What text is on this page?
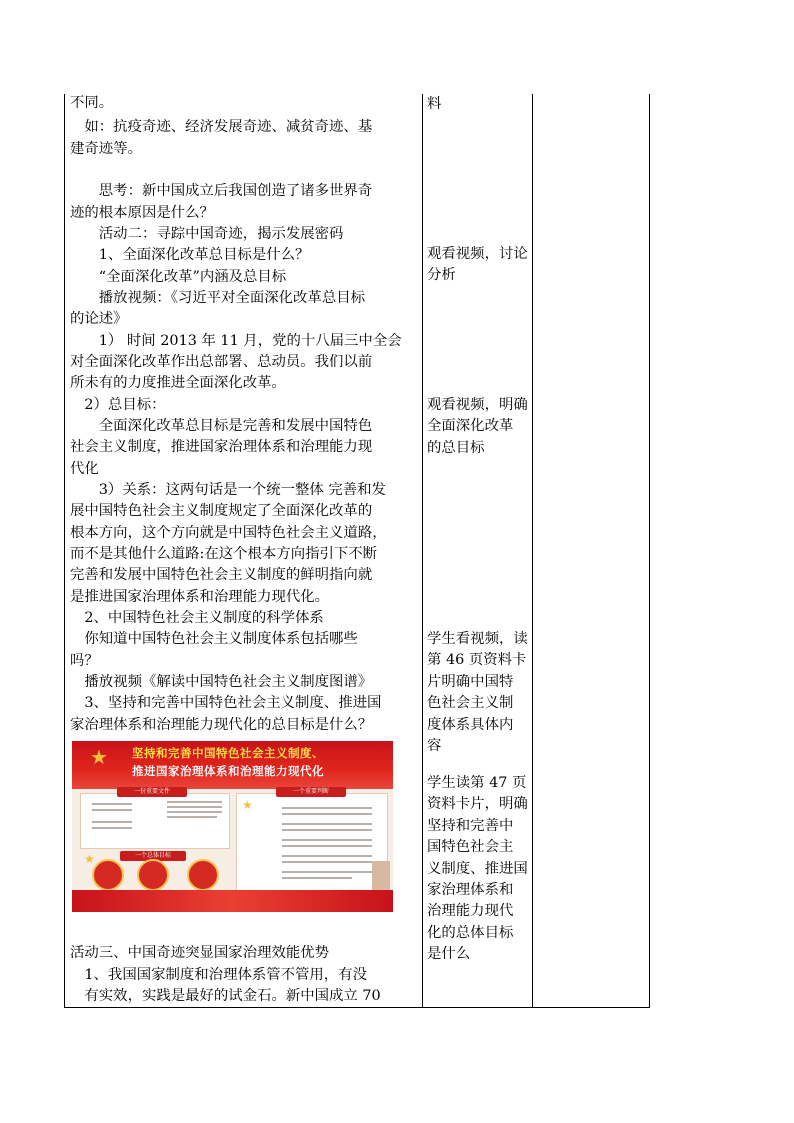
不同。
　如：抗疫奇迹、经济发展奇迹、减贫奇迹、基
建奇迹等。
　　思考：新中国成立后我国创造了诸多世界奇
迹的根本原因是什么？
　　活动二：寻踪中国奇迹，揭示发展密码
　　1、全面深化改革总目标是什么？
　　“全面深化改革”内涵及总目标
　　播放视频：《习近平对全面深化改革总目标
的论述》
　　1） 时间 2013 年 11 月，党的十八届三中全会
对全面深化改革作出总部署、总动员。我们以前
所未有的力度推进全面深化改革。
　2）总目标：
　　全面深化改革总目标是完善和发展中国特色
社会主义制度，推进国家治理体系和治理能力现
代化
　　3）关系：这两句话是一个统一整体 完善和发
展中国特色社会主义制度规定了全面深化改革的
根本方向，这个方向就是中国特色社会主义道路，
而不是其他什么道路:在这个根本方向指引下不断
完善和发展中国特色社会主义制度的鲜明指向就
是推进国家治理体系和治理能力现代化。
　2、中国特色社会主义制度的科学体系
　你知道中国特色社会主义制度体系包括哪些
吗？
　播放视频《解读中国特色社会主义制度图谱》
　3、坚持和完善中国特色社会主义制度、推进国
家治理体系和治理能力现代化的总目标是什么？
活动三、中国奇迹突显国家治理效能优势
　1、我国国家制度和治理体系管不管用，有没
　有实效，实践是最好的试金石。新中国成立 70
料
观看视频，讨论
分析
观看视频，明确
全面深化改革
的总目标
学生看视频，读
第 46 页资料卡
片明确中国特
色社会主义制
度体系具体内
容
学生读第 47 页
资料卡片，明确
坚持和完善中
国特色社会主
义制度、推进国
家治理体系和
治理能力现代
化的总体目标
是什么
★ 坚持和完善中国特色社会主义制度、
推进国家治理体系和治理能力现代化
一份重要文件	一个重要判断
一个总体目标
★
★
